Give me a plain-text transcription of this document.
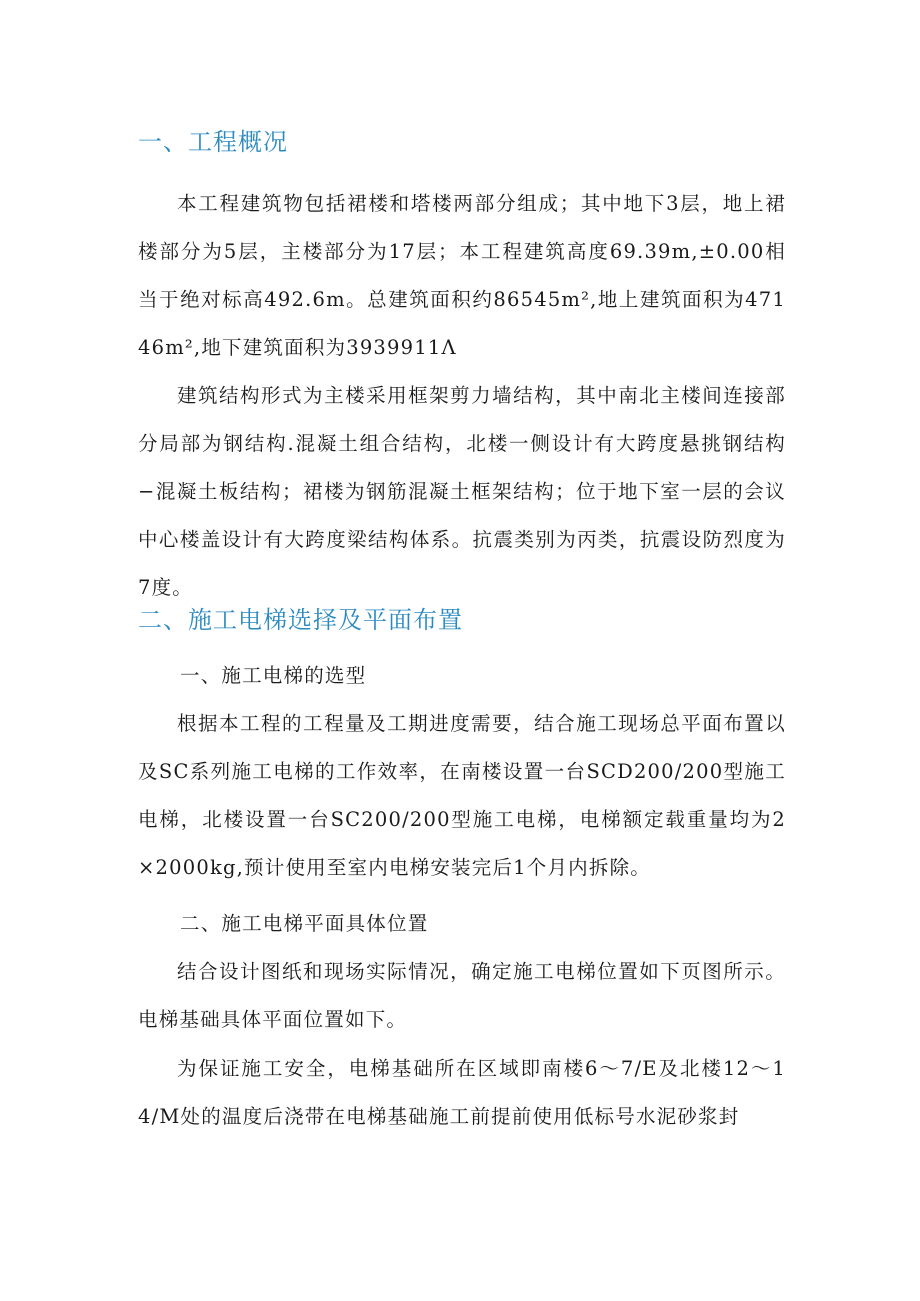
一、工程概况

本工程建筑物包括裙楼和塔楼两部分组成；其中地下3层，地上裙楼部分为5层，主楼部分为17层；本工程建筑高度69.39m,±0.00相当于绝对标高492.6m。总建筑面积约86545m²,地上建筑面积为47146m²,地下建筑面积为3939911Λ

建筑结构形式为主楼采用框架剪力墙结构，其中南北主楼间连接部分局部为钢结构.混凝土组合结构，北楼一侧设计有大跨度悬挑钢结构−混凝土板结构；裙楼为钢筋混凝土框架结构；位于地下室一层的会议中心楼盖设计有大跨度梁结构体系。抗震类别为丙类，抗震设防烈度为7度。

二、施工电梯选择及平面布置

一、施工电梯的选型

根据本工程的工程量及工期进度需要，结合施工现场总平面布置以及SC系列施工电梯的工作效率，在南楼设置一台SCD200/200型施工电梯，北楼设置一台SC200/200型施工电梯，电梯额定载重量均为2×2000kg,预计使用至室内电梯安装完后1个月内拆除。

二、施工电梯平面具体位置

结合设计图纸和现场实际情况，确定施工电梯位置如下页图所示。电梯基础具体平面位置如下。

为保证施工安全，电梯基础所在区域即南楼6～7/E及北楼12～14/M处的温度后浇带在电梯基础施工前提前使用低标号水泥砂浆封
